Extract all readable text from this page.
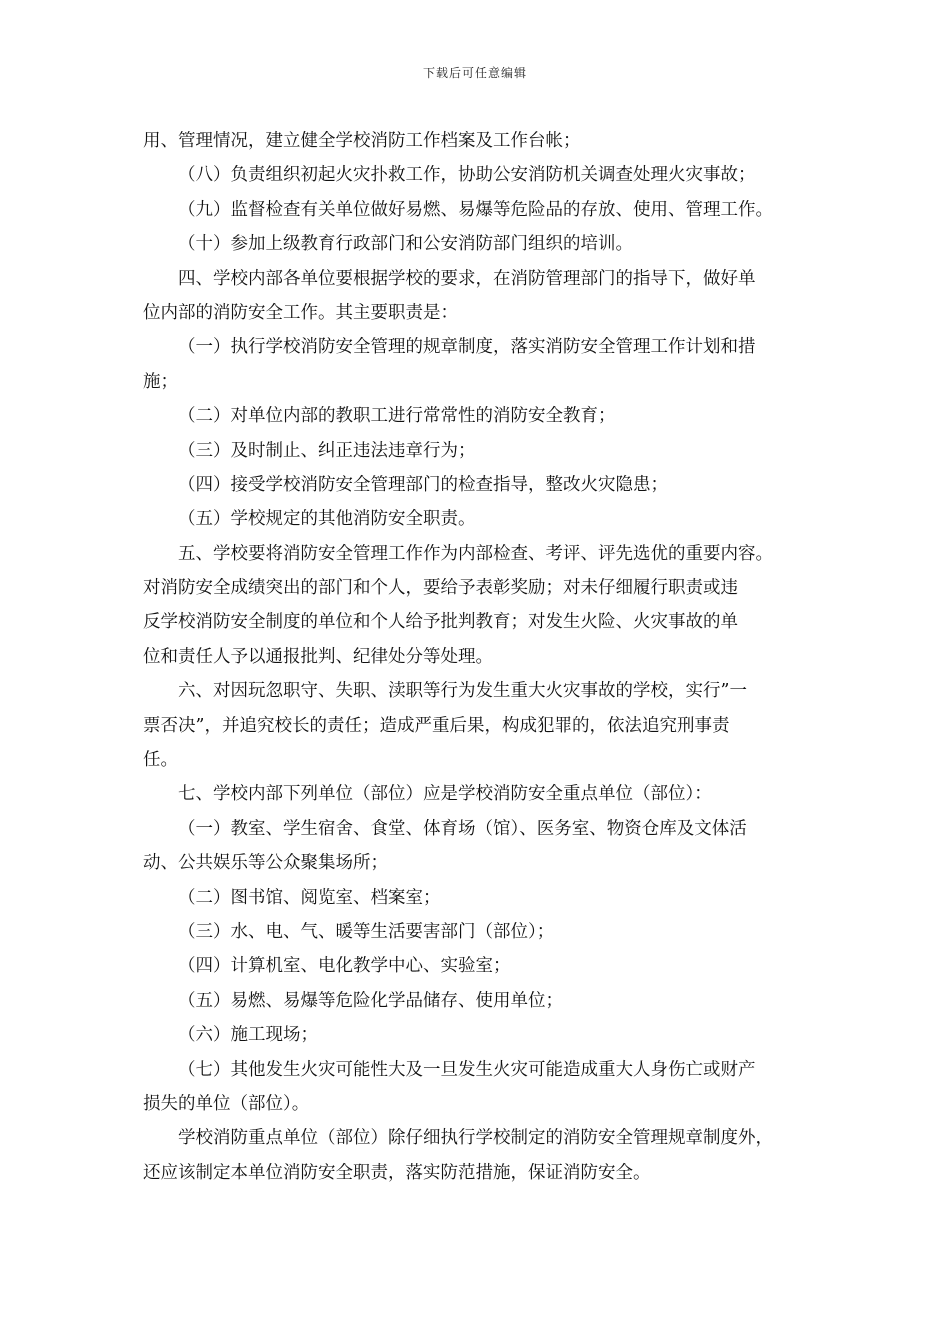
下载后可任意编辑
用、管理情况，建立健全学校消防工作档案及工作台帐；
（八）负责组织初起火灾扑救工作，协助公安消防机关调查处理火灾事故；
（九）监督检查有关单位做好易燃、易爆等危险品的存放、使用、管理工作。
（十）参加上级教育行政部门和公安消防部门组织的培训。
四、学校内部各单位要根据学校的要求，在消防管理部门的指导下，做好单
位内部的消防安全工作。其主要职责是：
（一）执行学校消防安全管理的规章制度，落实消防安全管理工作计划和措
施；
（二）对单位内部的教职工进行常常性的消防安全教育；
（三）及时制止、纠正违法违章行为；
（四）接受学校消防安全管理部门的检查指导，整改火灾隐患；
（五）学校规定的其他消防安全职责。
五、学校要将消防安全管理工作作为内部检查、考评、评先选优的重要内容。
对消防安全成绩突出的部门和个人，要给予表彰奖励；对未仔细履行职责或违
反学校消防安全制度的单位和个人给予批判教育；对发生火险、火灾事故的单
位和责任人予以通报批判、纪律处分等处理。
六、对因玩忽职守、失职、渎职等行为发生重大火灾事故的学校，实行”一
票否决”，并追究校长的责任；造成严重后果，构成犯罪的，依法追究刑事责
任。
七、学校内部下列单位（部位）应是学校消防安全重点单位（部位）：
（一）教室、学生宿舍、食堂、体育场（馆）、医务室、物资仓库及文体活
动、公共娱乐等公众聚集场所；
（二）图书馆、阅览室、档案室；
（三）水、电、气、暖等生活要害部门（部位）；
（四）计算机室、电化教学中心、实验室；
（五）易燃、易爆等危险化学品储存、使用单位；
（六）施工现场；
（七）其他发生火灾可能性大及一旦发生火灾可能造成重大人身伤亡或财产
损失的单位（部位）。
学校消防重点单位（部位）除仔细执行学校制定的消防安全管理规章制度外，
还应该制定本单位消防安全职责，落实防范措施，保证消防安全。
